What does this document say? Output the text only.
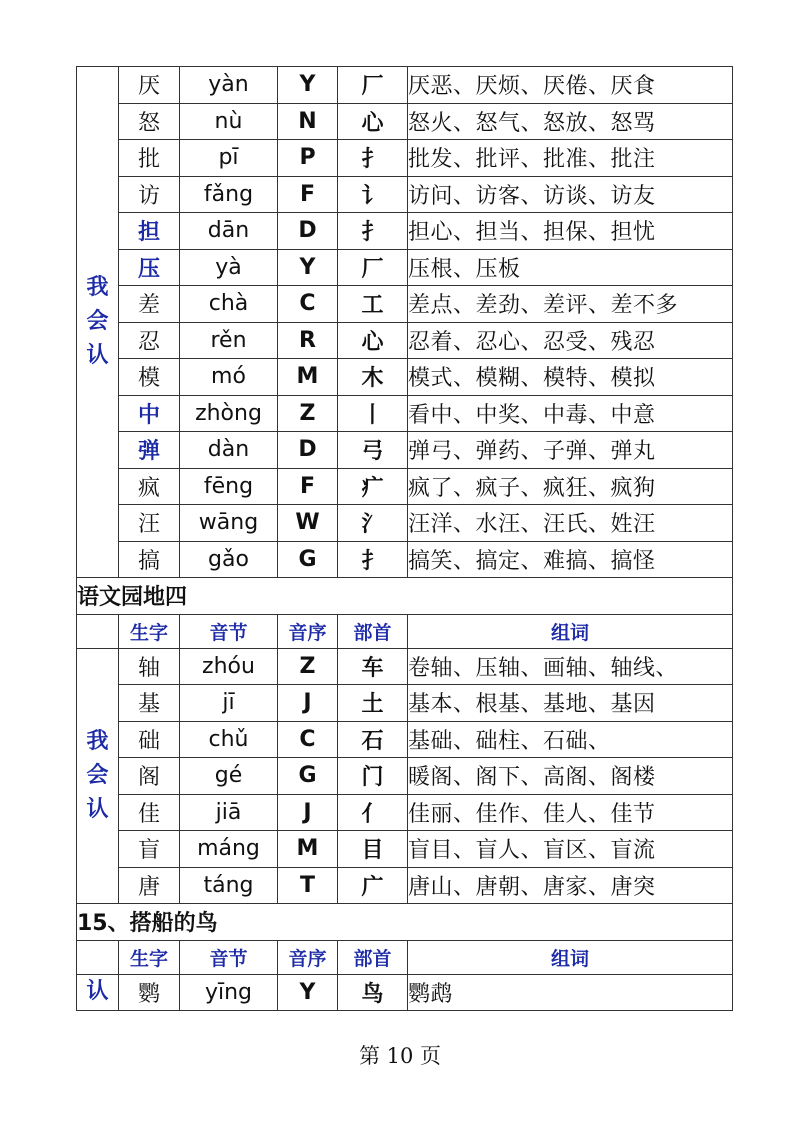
我会认	厌	yàn	Y	厂	厌恶、厌烦、厌倦、厌食
	怒	nù	N	心	怒火、怒气、怒放、怒骂
	批	pī	P	扌	批发、批评、批准、批注
	访	fǎng	F	讠	访问、访客、访谈、访友
	担	dān	D	扌	担心、担当、担保、担忧
	压	yà	Y	厂	压根、压板
	差	chà	C	工	差点、差劲、差评、差不多
	忍	rěn	R	心	忍着、忍心、忍受、残忍
	模	mó	M	木	模式、模糊、模特、模拟
	中	zhòng	Z	丨	看中、中奖、中毒、中意
	弹	dàn	D	弓	弹弓、弹药、子弹、弹丸
	疯	fēng	F	疒	疯了、疯子、疯狂、疯狗
	汪	wāng	W	氵	汪洋、水汪、汪氏、姓汪
	搞	gǎo	G	扌	搞笑、搞定、难搞、搞怪
语文园地四					
	生字	音节	音序	部首	组词
我会认	轴	zhóu	Z	车	卷轴、压轴、画轴、轴线、
	基	jī	J	土	基本、根基、基地、基因
	础	chǔ	C	石	基础、础柱、石础、
	阁	gé	G	门	暖阁、阁下、高阁、阁楼
	佳	jiā	J	亻	佳丽、佳作、佳人、佳节
	盲	máng	M	目	盲目、盲人、盲区、盲流
	唐	táng	T	广	唐山、唐朝、唐家、唐突
15、搭船的鸟					
	生字	音节	音序	部首	组词
认	鹦	yīng	Y	鸟	鹦鹉
第 10 页
